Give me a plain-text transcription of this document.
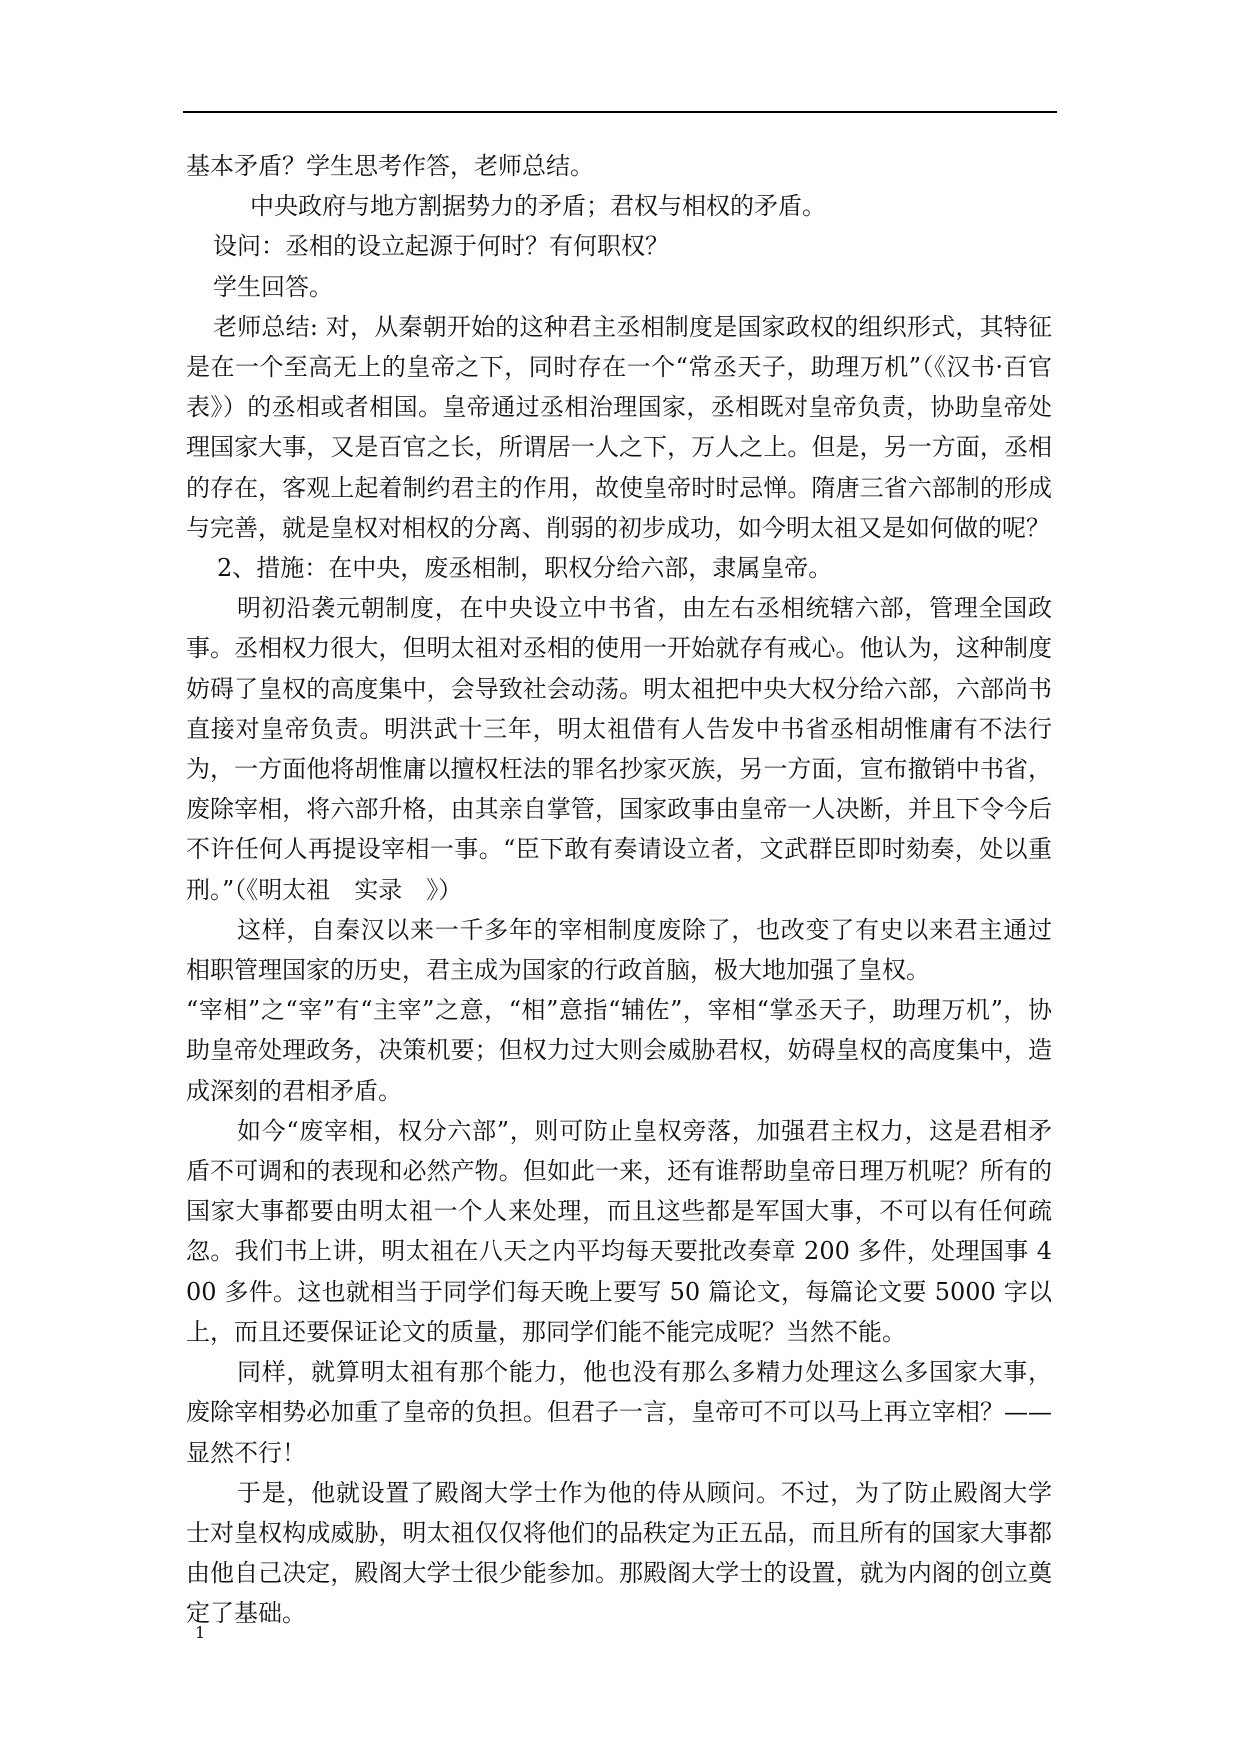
基本矛盾？学生思考作答，老师总结。

中央政府与地方割据势力的矛盾；君权与相权的矛盾。

设问：丞相的设立起源于何时？有何职权？

学生回答。

老师总结: 对，从秦朝开始的这种君主丞相制度是国家政权的组织形式，其特征是在一个至高无上的皇帝之下，同时存在一个“常丞天子，助理万机”（《汉书·百官表》）的丞相或者相国。皇帝通过丞相治理国家，丞相既对皇帝负责，协助皇帝处理国家大事，又是百官之长，所谓居一人之下，万人之上。但是，另一方面，丞相的存在，客观上起着制约君主的作用，故使皇帝时时忌惮。隋唐三省六部制的形成与完善，就是皇权对相权的分离、削弱的初步成功，如今明太祖又是如何做的呢？

2、措施：在中央，废丞相制，职权分给六部，隶属皇帝。

明初沿袭元朝制度，在中央设立中书省，由左右丞相统辖六部，管理全国政事。丞相权力很大，但明太祖对丞相的使用一开始就存有戒心。他认为，这种制度妨碍了皇权的高度集中，会导致社会动荡。明太祖把中央大权分给六部，六部尚书直接对皇帝负责。明洪武十三年，明太祖借有人告发中书省丞相胡惟庸有不法行为，一方面他将胡惟庸以擅权枉法的罪名抄家灭族，另一方面，宣布撤销中书省，废除宰相，将六部升格，由其亲自掌管，国家政事由皇帝一人决断，并且下令今后不许任何人再提设宰相一事。“臣下敢有奏请设立者，文武群臣即时劾奏，处以重刑。”（《明太祖　实录　》）

这样，自秦汉以来一千多年的宰相制度废除了，也改变了有史以来君主通过相职管理国家的历史，君主成为国家的行政首脑，极大地加强了皇权。

“宰相”之“宰”有“主宰”之意，“相”意指“辅佐”，宰相“掌丞天子，助理万机”，协助皇帝处理政务，决策机要；但权力过大则会威胁君权，妨碍皇权的高度集中，造成深刻的君相矛盾。

如今“废宰相，权分六部”，则可防止皇权旁落，加强君主权力，这是君相矛盾不可调和的表现和必然产物。但如此一来，还有谁帮助皇帝日理万机呢？所有的国家大事都要由明太祖一个人来处理，而且这些都是军国大事，不可以有任何疏忽。我们书上讲，明太祖在八天之内平均每天要批改奏章 200 多件，处理国事 400 多件。这也就相当于同学们每天晚上要写 50 篇论文，每篇论文要 5000 字以上，而且还要保证论文的质量，那同学们能不能完成呢？当然不能。

同样，就算明太祖有那个能力，他也没有那么多精力处理这么多国家大事，废除宰相势必加重了皇帝的负担。但君子一言，皇帝可不可以马上再立宰相？——显然不行！

于是，他就设置了殿阁大学士作为他的侍从顾问。不过，为了防止殿阁大学士对皇权构成威胁，明太祖仅仅将他们的品秩定为正五品，而且所有的国家大事都由他自己决定，殿阁大学士很少能参加。那殿阁大学士的设置，就为内阁的创立奠定了基础。

1
